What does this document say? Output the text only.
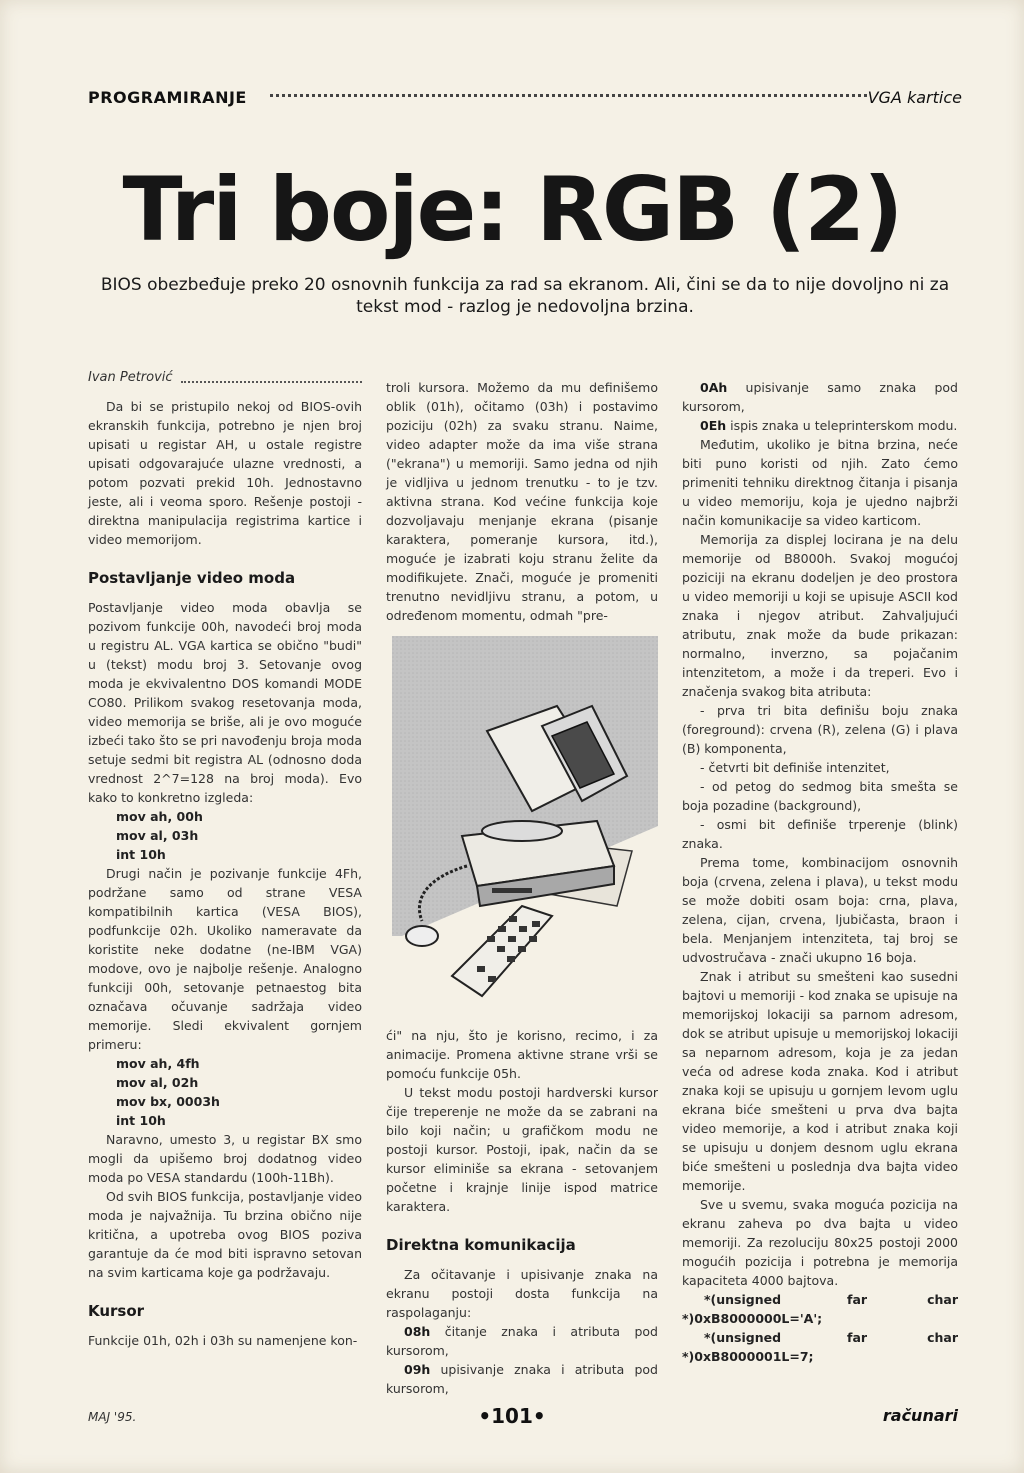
PROGRAMIRANJE	VGA kartice
Tri boje: RGB (2)
BIOS obezbeđuje preko 20 osnovnih funkcija za rad sa ekranom. Ali, čini se da to nije dovoljno ni za tekst mod - razlog je nedovoljna brzina.
Ivan Petrović

Da bi se pristupilo nekoj od BIOS-ovih ekranskih funkcija, potrebno je njen broj upisati u registar AH, u ostale registre upisati odgovarajuće ulazne vrednosti, a potom pozvati prekid 10h. Jednostavno jeste, ali i veoma sporo. Rešenje postoji - direktna manipulacija registrima kartice i video memorijom.

Postavljanje video moda

Postavljanje video moda obavlja se pozivom funkcije 00h, navodeći broj moda u registru AL. VGA kartica se obično "budi" u (tekst) modu broj 3. Setovanje ovog moda je ekvivalentno DOS komandi MODE CO80. Prilikom svakog resetovanja moda, video memorija se briše, ali je ovo moguće izbeći tako što se pri navođenju broja moda setuje sedmi bit registra AL (odnosno doda vrednost 2^7=128 na broj moda). Evo kako to konkretno izgleda:

mov ah, 00h
mov al, 03h
int 10h

Drugi način je pozivanje funkcije 4Fh, podržane samo od strane VESA kompatibilnih kartica (VESA BIOS), podfunkcije 02h. Ukoliko nameravate da koristite neke dodatne (ne-IBM VGA) modove, ovo je najbolje rešenje. Analogno funkciji 00h, setovanje petnaestog bita označava očuvanje sadržaja video memorije. Sledi ekvivalent gornjem primeru:

mov ah, 4fh
mov al, 02h
mov bx, 0003h
int 10h

Naravno, umesto 3, u registar BX smo mogli da upišemo broj dodatnog video moda po VESA standardu (100h-11Bh).

Od svih BIOS funkcija, postavljanje video moda je najvažnija. Tu brzina obično nije kritična, a upotreba ovog BIOS poziva garantuje da će mod biti ispravno setovan na svim karticama koje ga podržavaju.

Kursor

Funkcije 01h, 02h i 03h su namenjene kon-

troli kursora. Možemo da mu definišemo oblik (01h), očitamo (03h) i postavimo poziciju (02h) za svaku stranu. Naime, video adapter može da ima više strana ("ekrana") u memoriji. Samo jedna od njih je vidljiva u jednom trenutku - to je tzv. aktivna strana. Kod većine funkcija koje dozvoljavaju menjanje ekrana (pisanje karaktera, pomeranje kursora, itd.), moguće je izabrati koju stranu želite da modifikujete. Znači, moguće je promeniti trenutno nevidljivu stranu, a potom, u određenom momentu, odmah "pre-

ći" na nju, što je korisno, recimo, i za animacije. Promena aktivne strane vrši se pomoću funkcije 05h.

U tekst modu postoji hardverski kursor čije treperenje ne može da se zabrani na bilo koji način; u grafičkom modu ne postoji kursor. Postoji, ipak, način da se kursor eliminiše sa ekrana - setovanjem početne i krajnje linije ispod matrice karaktera.

Direktna komunikacija

Za očitavanje i upisivanje znaka na ekranu postoji dosta funkcija na raspolaganju:

08h čitanje znaka i atributa pod kursorom,

09h upisivanje znaka i atributa pod kursorom,

0Ah upisivanje samo znaka pod kursorom,

0Eh ispis znaka u teleprinterskom modu.

Međutim, ukoliko je bitna brzina, neće biti puno koristi od njih. Zato ćemo primeniti tehniku direktnog čitanja i pisanja u video memoriju, koja je ujedno najbrži način komunikacije sa video karticom.

Memorija za displej locirana je na delu memorije od B8000h. Svakoj mogućoj poziciji na ekranu dodeljen je deo prostora u video memoriji u koji se upisuje ASCII kod znaka i njegov atribut. Zahvaljujući atributu, znak može da bude prikazan: normalno, inverzno, sa pojačanim intenzitetom, a može i da treperi. Evo i značenja svakog bita atributa:

- prva tri bita definišu boju znaka (foreground): crvena (R), zelena (G) i plava (B) komponenta,

- četvrti bit definiše intenzitet,

- od petog do sedmog bita smešta se boja pozadine (background),

- osmi bit definiše trperenje (blink) znaka.

Prema tome, kombinacijom osnovnih boja (crvena, zelena i plava), u tekst modu se može dobiti osam boja: crna, plava, zelena, cijan, crvena, ljubičasta, braon i bela. Menjanjem intenziteta, taj broj se udvostručava - znači ukupno 16 boja.

Znak i atribut su smešteni kao susedni bajtovi u memoriji - kod znaka se upisuje na memorijskoj lokaciji sa parnom adresom, dok se atribut upisuje u memorijskoj lokaciji sa neparnom adresom, koja je za jedan veća od adrese koda znaka. Kod i atribut znaka koji se upisuju u gornjem levom uglu ekrana biće smešteni u prva dva bajta video memorije, a kod i atribut znaka koji se upisuju u donjem desnom uglu ekrana biće smešteni u poslednja dva bajta video memorije.

Sve u svemu, svaka moguća pozicija na ekranu zaheva po dva bajta u video memoriji. Za rezoluciju 80x25 postoji 2000 mogućih pozicija i potrebna je memorija kapaciteta 4000 bajtova.

*(unsigned	far	char
*)0xB8000000L='A';
*(unsigned	far	char
*)0xB8000001L=7;
MAJ '95.	•101•	računari
